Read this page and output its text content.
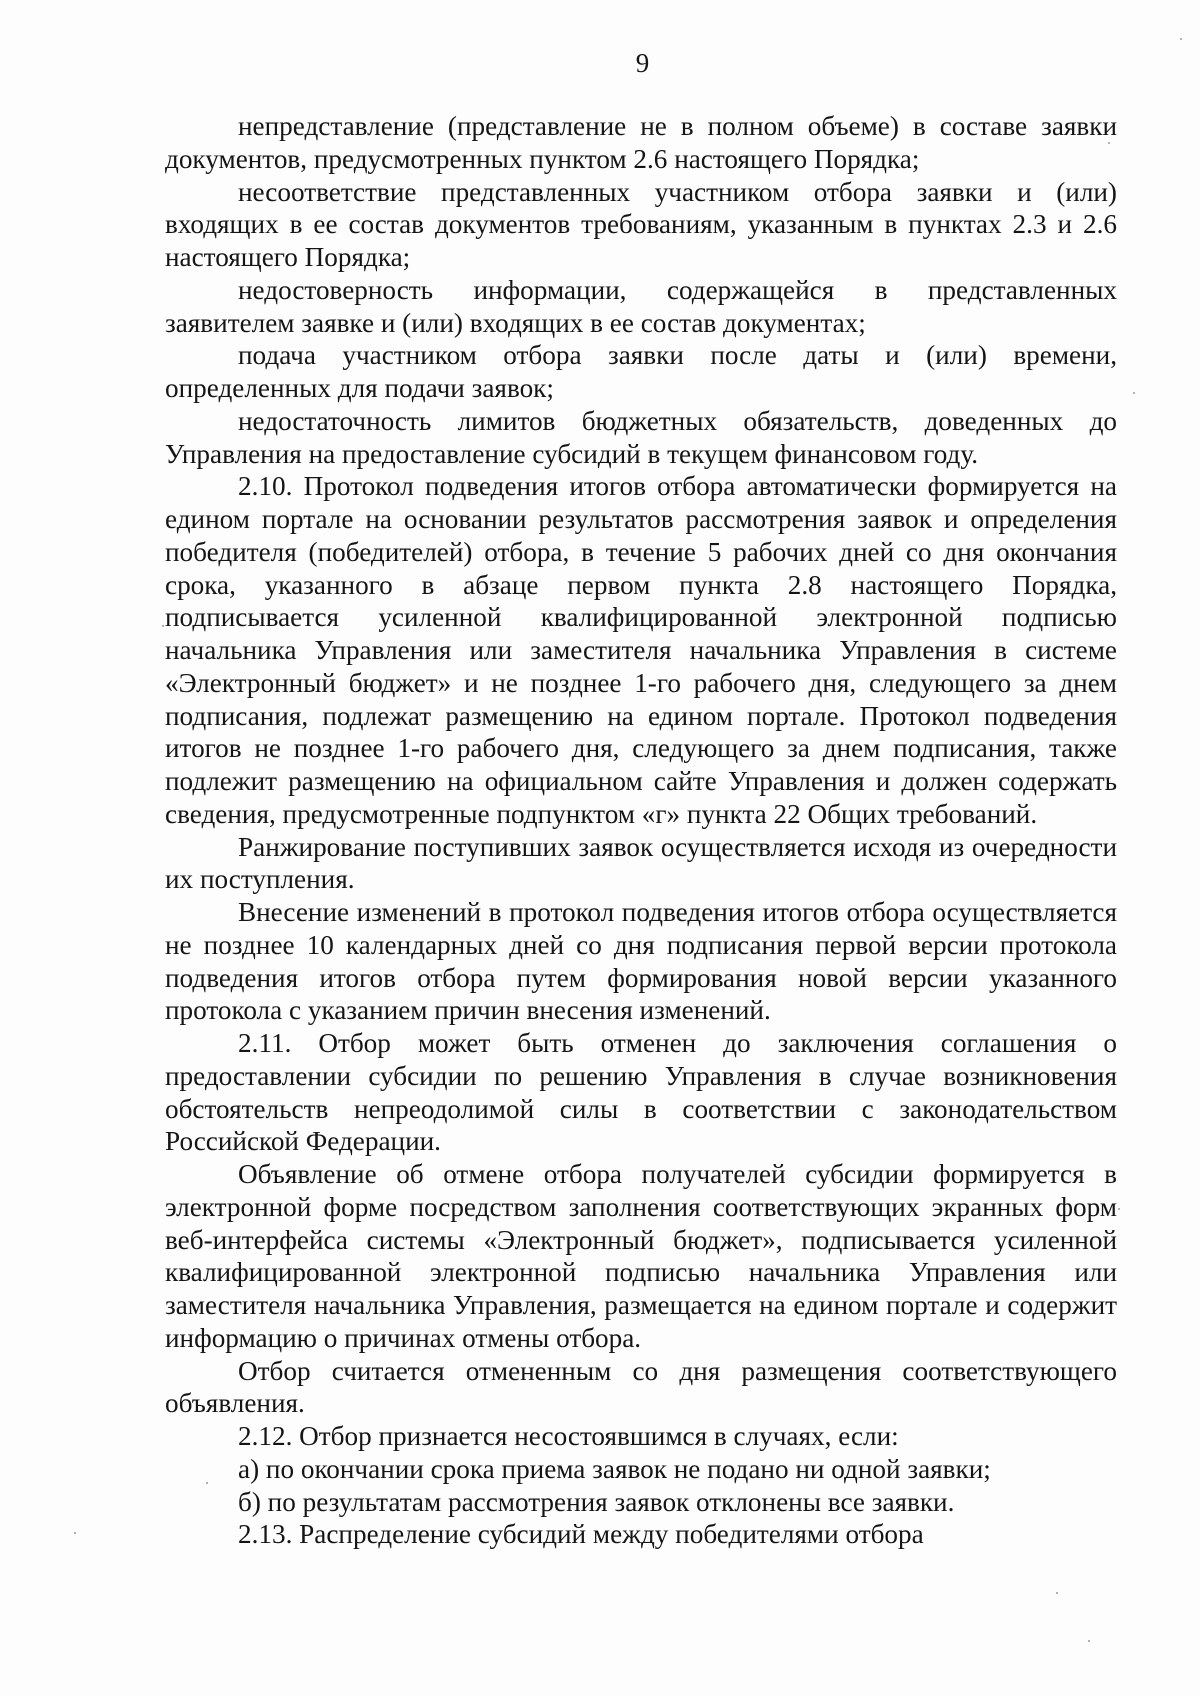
9

непредставление (представление не в полном объеме) в составе заявки документов, предусмотренных пунктом 2.6 настоящего Порядка;

несоответствие представленных участником отбора заявки и (или) входящих в ее состав документов требованиям, указанным в пунктах 2.3 и 2.6 настоящего Порядка;

недостоверность информации, содержащейся в представленных заявителем заявке и (или) входящих в ее состав документах;

подача участником отбора заявки после даты и (или) времени, определенных для подачи заявок;

недостаточность лимитов бюджетных обязательств, доведенных до Управления на предоставление субсидий в текущем финансовом году.

2.10. Протокол подведения итогов отбора автоматически формируется на едином портале на основании результатов рассмотрения заявок и определения победителя (победителей) отбора, в течение 5 рабочих дней со дня окончания срока, указанного в абзаце первом пункта 2.8 настоящего Порядка, подписывается усиленной квалифицированной электронной подписью начальника Управления или заместителя начальника Управления в системе «Электронный бюджет» и не позднее 1-го рабочего дня, следующего за днем подписания, подлежат размещению на едином портале. Протокол подведения итогов не позднее 1-го рабочего дня, следующего за днем подписания, также подлежит размещению на официальном сайте Управления и должен содержать сведения, предусмотренные подпунктом «г» пункта 22 Общих требований.

Ранжирование поступивших заявок осуществляется исходя из очередности их поступления.

Внесение изменений в протокол подведения итогов отбора осуществляется не позднее 10 календарных дней со дня подписания первой версии протокола подведения итогов отбора путем формирования новой версии указанного протокола с указанием причин внесения изменений.

2.11. Отбор может быть отменен до заключения соглашения о предоставлении субсидии по решению Управления в случае возникновения обстоятельств непреодолимой силы в соответствии с законодательством Российской Федерации.

Объявление об отмене отбора получателей субсидии формируется в электронной форме посредством заполнения соответствующих экранных форм веб-интерфейса системы «Электронный бюджет», подписывается усиленной квалифицированной электронной подписью начальника Управления или заместителя начальника Управления, размещается на едином портале и содержит информацию о причинах отмены отбора.

Отбор считается отмененным со дня размещения соответствующего объявления.

2.12. Отбор признается несостоявшимся в случаях, если:

а) по окончании срока приема заявок не подано ни одной заявки;

б) по результатам рассмотрения заявок отклонены все заявки.

2.13. Распределение субсидий между победителями отбора
